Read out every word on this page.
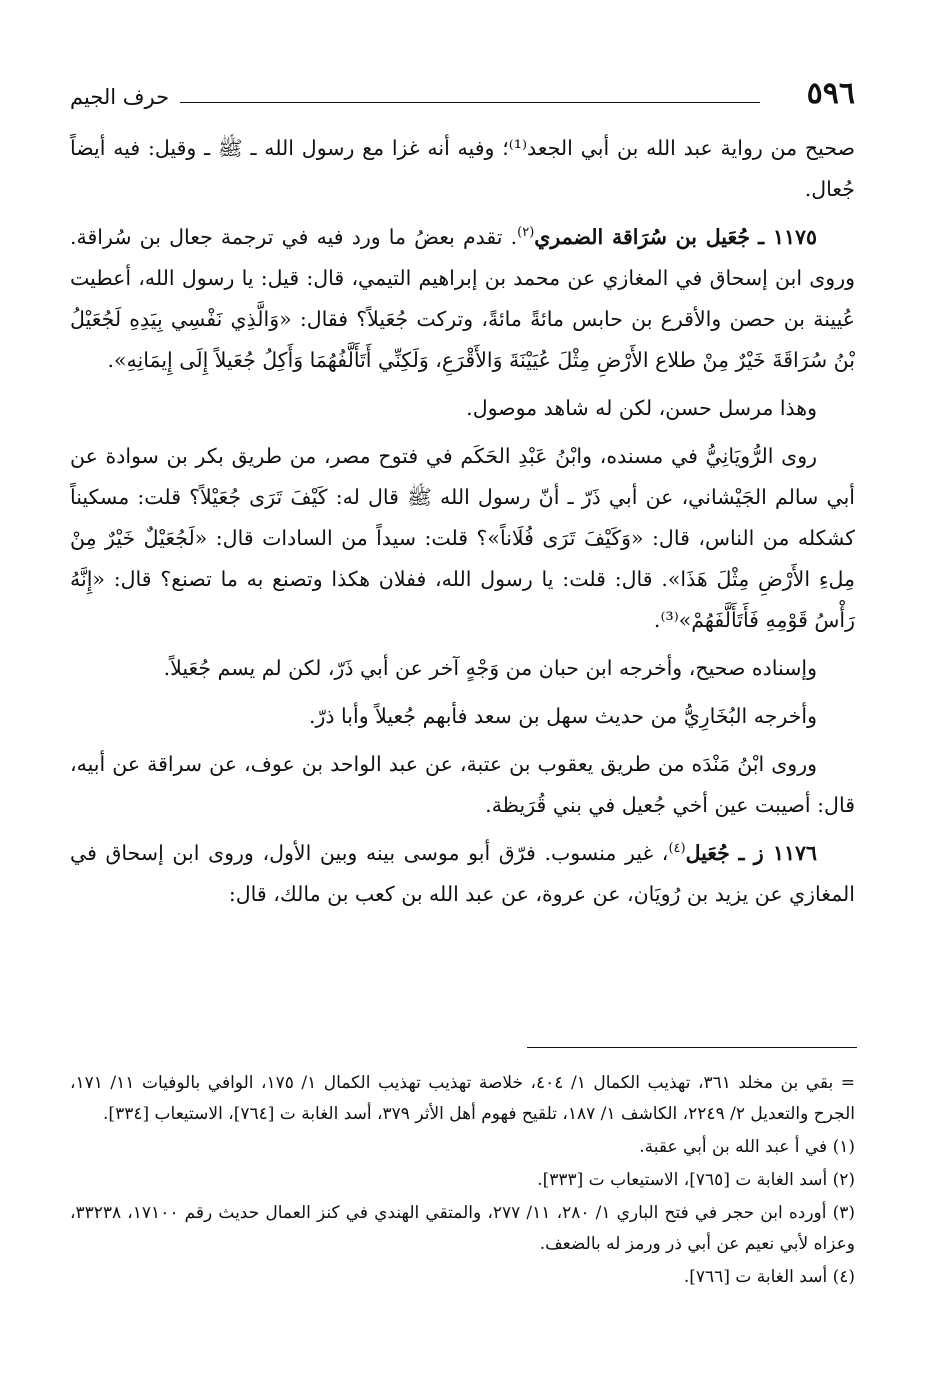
٥٩٦
حرف الجيم

صحيح من رواية عبد الله بن أبي الجعد⁽¹⁾؛ وفيه أنه غزا مع رسول الله ـ ﷺ ـ وقيل: فيه أيضاً جُعال.

١١٧٥ ـ جُعَيل بن سُرَاقة الضمري$^{(٢)}$. تقدم بعضُ ما ورد فيه في ترجمة جعال بن سُراقة. وروى ابن إسحاق في المغازي عن محمد بن إبراهيم التيمي، قال: قيل: يا رسول الله، أعطيت عُيينة بن حصن والأقرع بن حابس مائةً مائةً، وتركت جُعَيلاً؟ فقال: «وَالَّذِي نَفْسِي بِيَدِهِ لَجُعَيْلُ بْنُ سُرَاقَةَ خَيْرٌ مِنْ طلاع الأَرْضِ مِثْلَ عُيَيْنَةَ وَالأَقْرَعِ، وَلَكِنِّي أَتَأَلَّفُهُمَا وَأَكِلُ جُعَيلاً إِلَى إِيمَانِهِ».

وهذا مرسل حسن، لكن له شاهد موصول.

روى الرُّويَانِيُّ في مسنده، وابْنُ عَبْدِ الحَكَم في فتوح مصر، من طريق بكر بن سوادة عن أبي سالم الجَيْشاني، عن أبي ذَرّ ـ أنّ رسول الله ﷺ قال له: كَيْفَ تَرَى جُعَيْلاً؟ قلت: مسكيناً كشكله من الناس، قال: «وَكَيْفَ تَرَى فُلَاناً»؟ قلت: سيداً من السادات قال: «لَجُعَيْلٌ خَيْرٌ مِنْ مِلءِ الأَرْضِ مِثْلَ هَذَا». قال: قلت: يا رسول الله، ففلان هكذا وتصنع به ما تصنع؟ قال: «إِنَّهُ رَأْسُ قَوْمِهِ فَأَتَأَلَّفَهُمْ»⁽³⁾.

وإسناده صحيح، وأخرجه ابن حبان من وَجْهٍ آخر عن أبي ذَرّ، لكن لم يسم جُعَيلاً.

وأخرجه البُخَارِيُّ من حديث سهل بن سعد فأبهم جُعيلاً وأبا ذرّ.

وروى ابْنُ مَنْدَه من طريق يعقوب بن عتبة، عن عبد الواحد بن عوف، عن سراقة عن أبيه، قال: أصيبت عين أخي جُعيل في بني قُرَيظة.

١١٧٦ ز ـ جُعَيل$^{(٤)}$، غير منسوب. فرّق أبو موسى بينه وبين الأول، وروى ابن إسحاق في المغازي عن يزيد بن رُويَان، عن عروة، عن عبد الله بن كعب بن مالك، قال:

= بقي بن مخلد ٣٦١، تهذيب الكمال ١/ ٤٠٤، خلاصة تهذيب تهذيب الكمال ١/ ١٧٥، الوافي بالوفيات ١١/ ١٧١، الجرح والتعديل ٢/ ٢٢٤٩، الكاشف ١/ ١٨٧، تلقيح فهوم أهل الأثر ٣٧٩، أسد الغابة ت [٧٦٤]، الاستيعاب [٣٣٤].

(١) في أ عبد الله بن أبي عقبة.

(٢) أسد الغابة ت [٧٦٥]، الاستيعاب ت [٣٣٣].

(٣) أورده ابن حجر في فتح الباري ١/ ٢٨٠، ١١/ ٢٧٧، والمتقي الهندي في كنز العمال حديث رقم ١٧١٠٠، ٣٣٢٣٨، وعزاه لأبي نعيم عن أبي ذر ورمز له بالضعف.

(٤) أسد الغابة ت [٧٦٦].
